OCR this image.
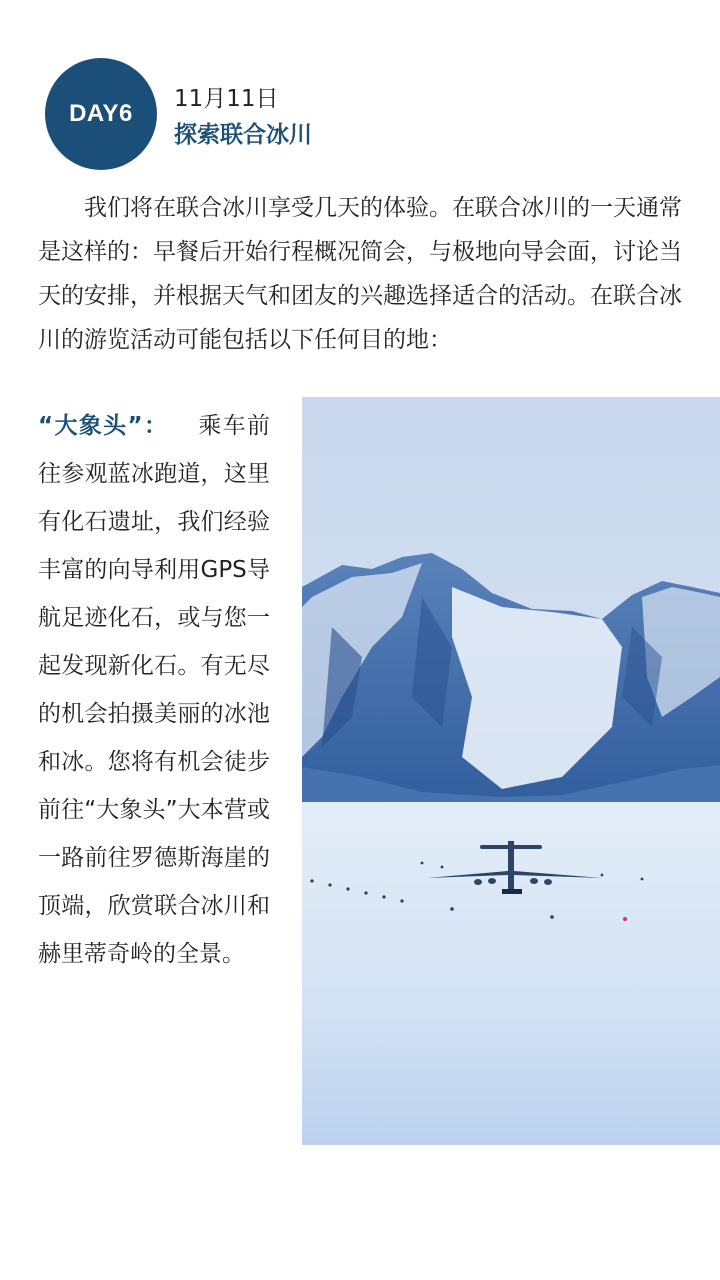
DAY6
11月11日
探索联合冰川

我们将在联合冰川享受几天的体验。在联合冰川的一天通常是这样的：早餐后开始行程概况简会，与极地向导会面，讨论当天的安排，并根据天气和团友的兴趣选择适合的活动。在联合冰川的游览活动可能包括以下任何目的地：

“大象头”： 乘车前往参观蓝冰跑道，这里有化石遗址，我们经验丰富的向导利用GPS导航足迹化石，或与您一起发现新化石。有无尽的机会拍摄美丽的冰池和冰。您将有机会徒步前往“大象头”大本营或一路前往罗德斯海崖的顶端，欣赏联合冰川和赫里蒂奇岭的全景。
